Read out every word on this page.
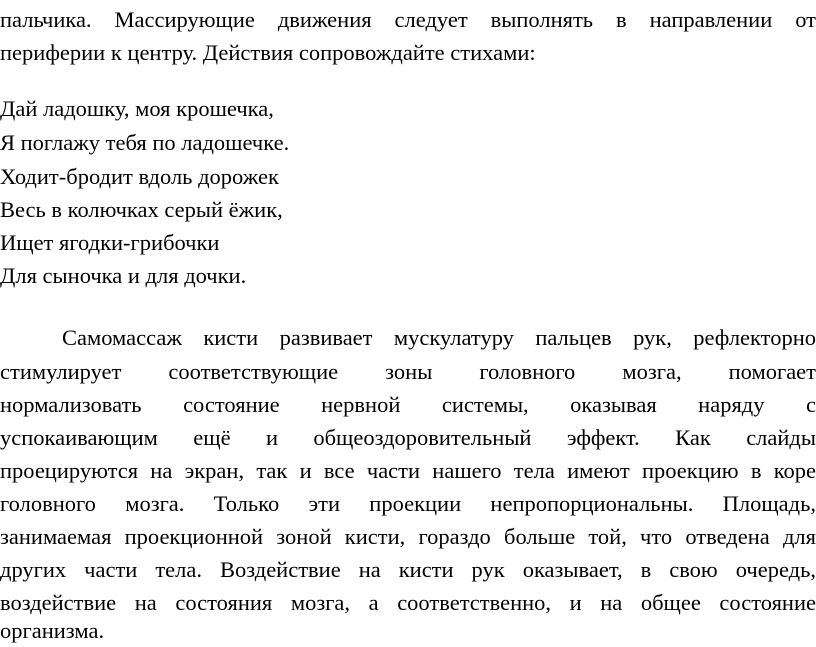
пальчика. Массирующие движения следует выполнять в направлении от
периферии к центру. Действия сопровождайте стихами:
Дай ладошку, моя крошечка,
Я поглажу тебя по ладошечке.
Ходит-бродит вдоль дорожек
Весь в колючках серый ёжик,
Ищет ягодки-грибочки
Для сыночка и для дочки.
Самомассаж кисти развивает мускулатуру пальцев рук, рефлекторно
стимулирует соответствующие зоны головного мозга, помогает
нормализовать состояние нервной системы, оказывая наряду с
успокаивающим ещё и общеоздоровительный эффект. Как слайды
проецируются на экран, так и все части нашего тела имеют проекцию в коре
головного мозга. Только эти проекции непропорциональны. Площадь,
занимаемая проекционной зоной кисти, гораздо больше той, что отведена для
других части тела. Воздействие на кисти рук оказывает, в свою очередь,
воздействие на состояния мозга, а соответственно, и на общее состояние
организма.
